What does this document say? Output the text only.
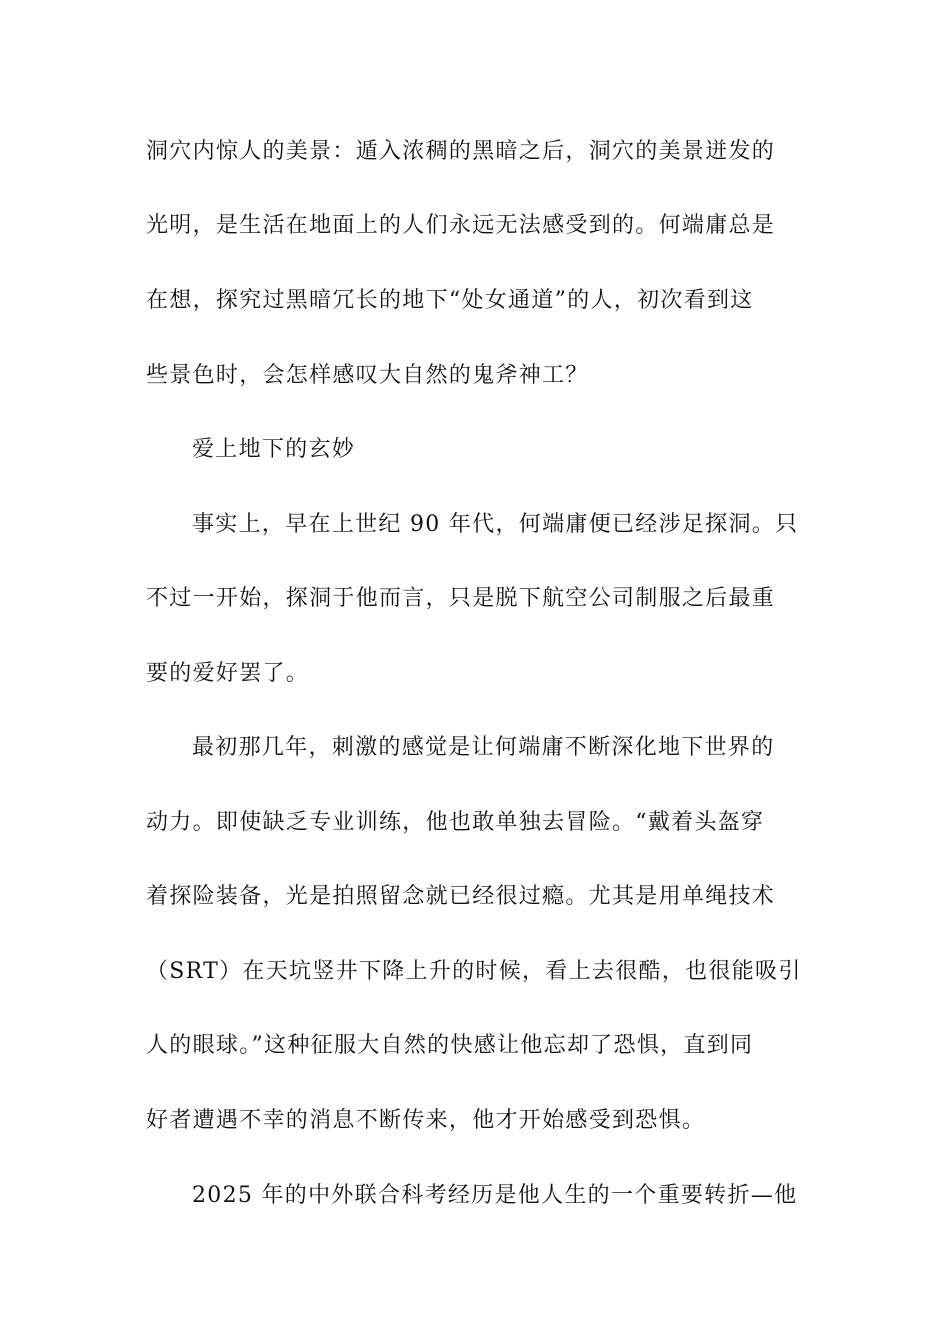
洞穴内惊人的美景：遁入浓稠的黑暗之后，洞穴的美景迸发的
光明，是生活在地面上的人们永远无法感受到的。何端庸总是
在想，探究过黑暗冗长的地下“处女通道”的人，初次看到这
些景色时，会怎样感叹大自然的鬼斧神工？
爱上地下的玄妙
事实上，早在上世纪 90 年代，何端庸便已经涉足探洞。只
不过一开始，探洞于他而言，只是脱下航空公司制服之后最重
要的爱好罢了。
最初那几年，刺激的感觉是让何端庸不断深化地下世界的
动力。即使缺乏专业训练，他也敢单独去冒险。“戴着头盔穿
着探险装备，光是拍照留念就已经很过瘾。尤其是用单绳技术
（SRT）在天坑竖井下降上升的时候，看上去很酷，也很能吸引
人的眼球。”这种征服大自然的快感让他忘却了恐惧，直到同
好者遭遇不幸的消息不断传来，他才开始感受到恐惧。
2025 年的中外联合科考经历是他人生的一个重要转折—他
